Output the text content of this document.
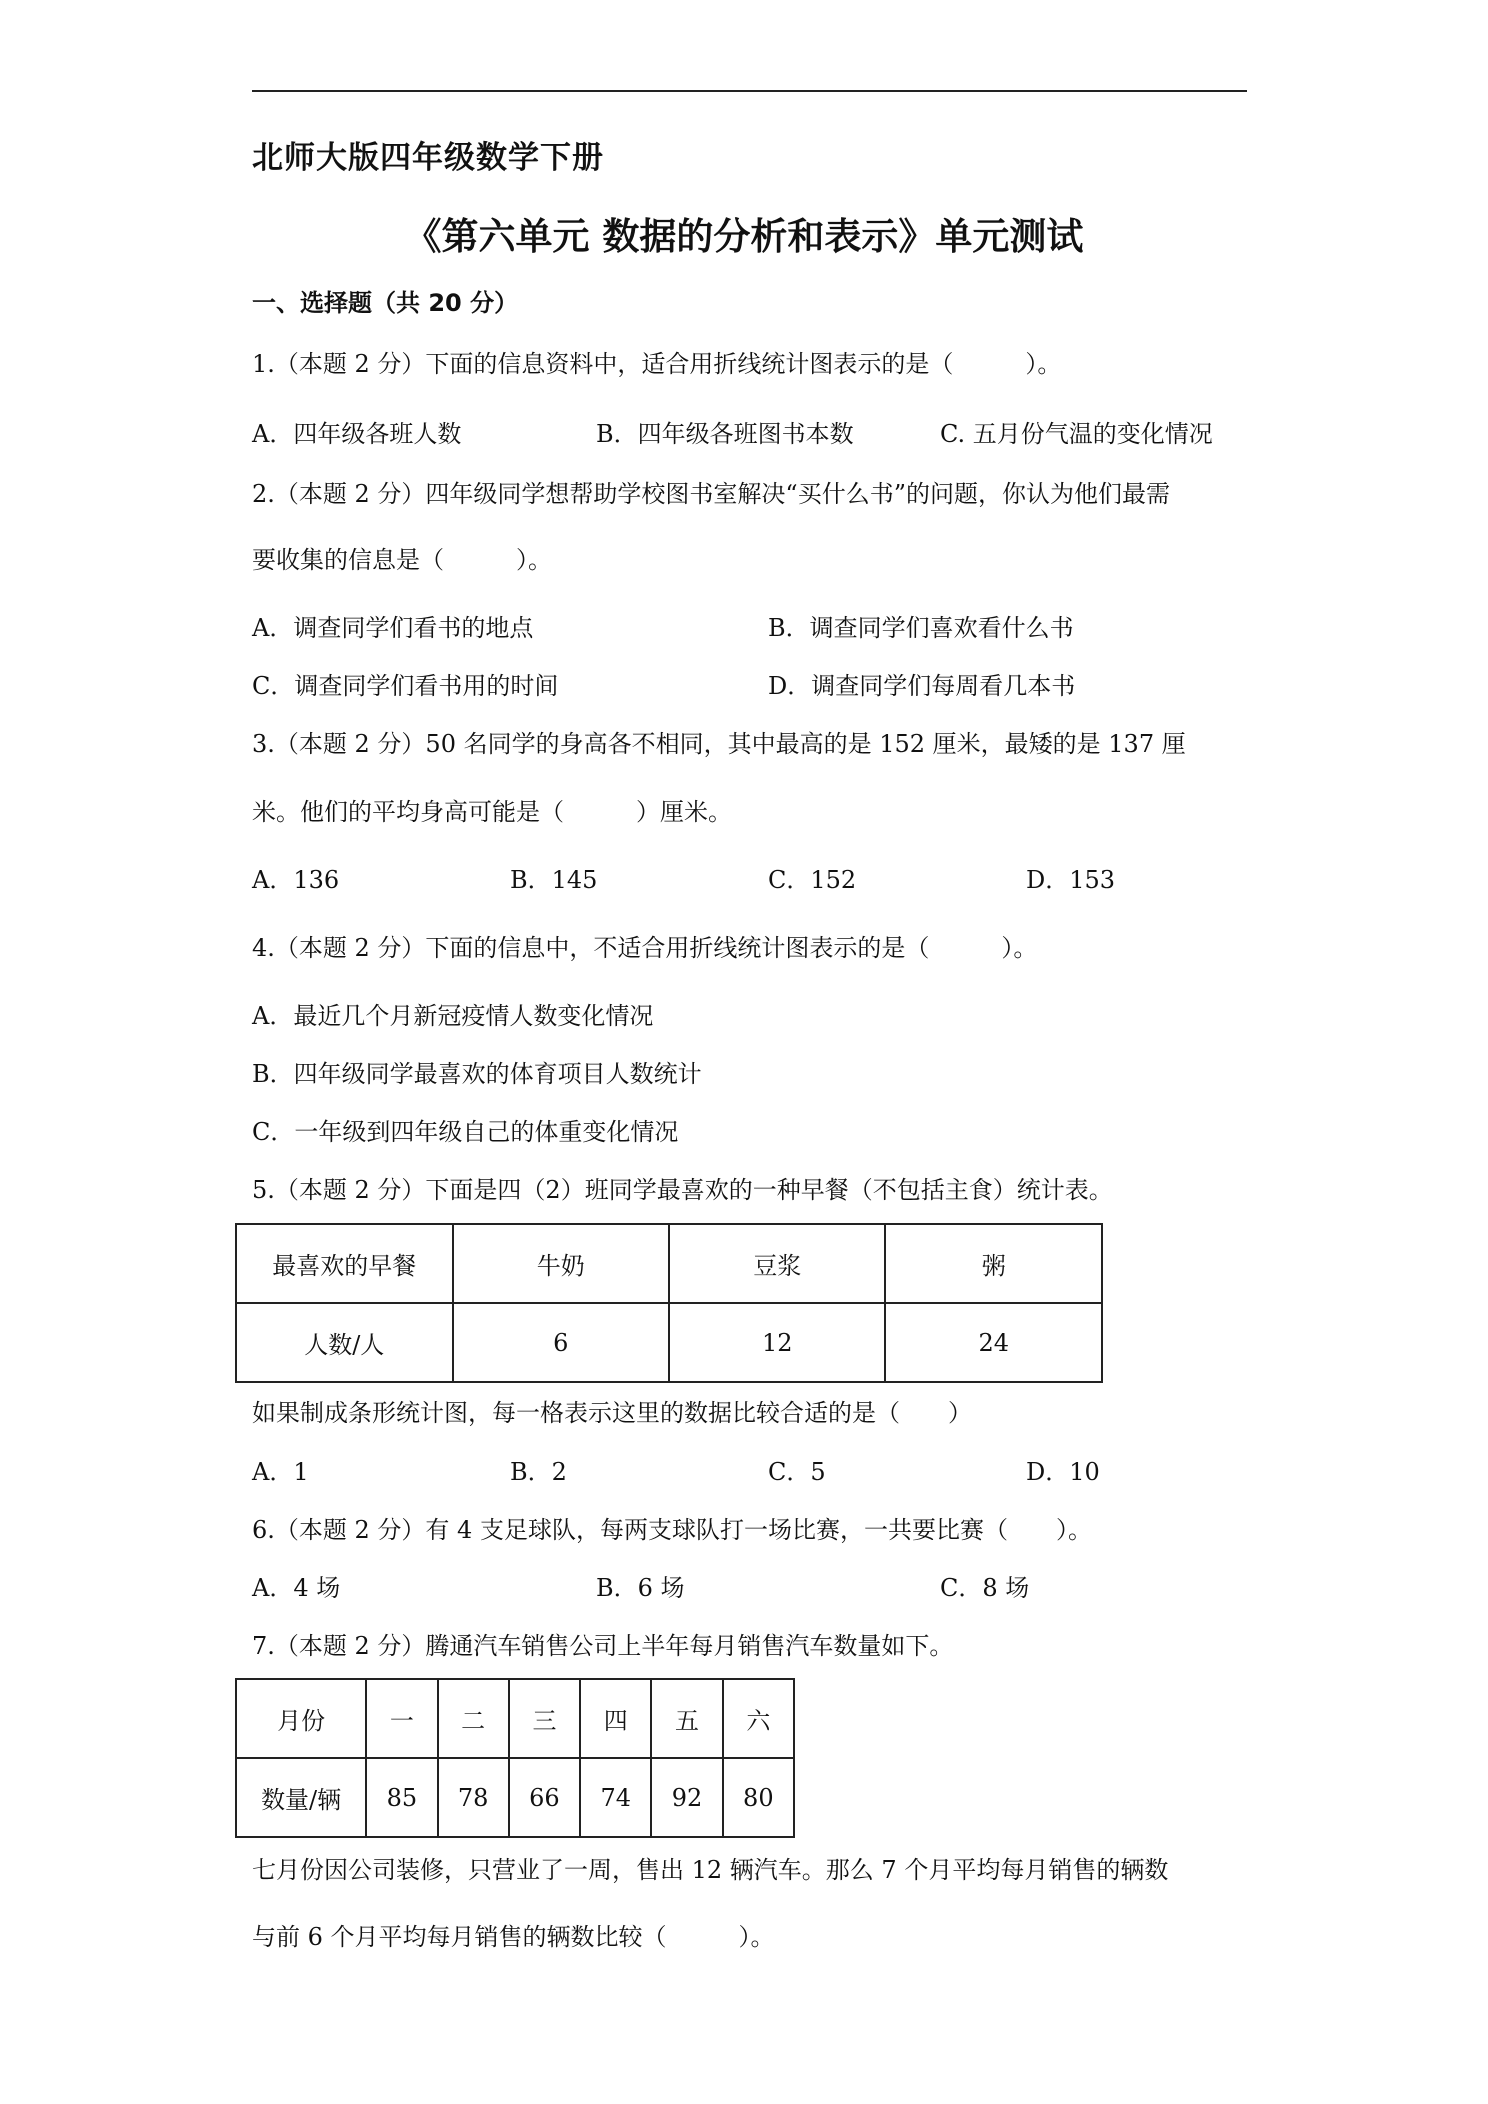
北师大版四年级数学下册
《第六单元 数据的分析和表示》单元测试
一、选择题（共 20 分）
1.（本题 2 分）下面的信息资料中，适合用折线统计图表示的是（　　　）。
A．四年级各班人数	B．四年级各班图书本数	C. 五月份气温的变化情况
2.（本题 2 分）四年级同学想帮助学校图书室解决“买什么书”的问题，你认为他们最需
要收集的信息是（　　　）。
A．调查同学们看书的地点	B．调查同学们喜欢看什么书
C．调查同学们看书用的时间	D．调查同学们每周看几本书
3.（本题 2 分）50 名同学的身高各不相同，其中最高的是 152 厘米，最矮的是 137 厘
米。他们的平均身高可能是（　　　）厘米。
A．136	B．145	C．152	D．153
4.（本题 2 分）下面的信息中，不适合用折线统计图表示的是（　　　）。
A．最近几个月新冠疫情人数变化情况
B．四年级同学最喜欢的体育项目人数统计
C．一年级到四年级自己的体重变化情况
5.（本题 2 分）下面是四（2）班同学最喜欢的一种早餐（不包括主食）统计表。
最喜欢的早餐	牛奶	豆浆	粥
人数/人	6	12	24
如果制成条形统计图，每一格表示这里的数据比较合适的是（　　）
A．1	B．2	C．5	D．10
6.（本题 2 分）有 4 支足球队，每两支球队打一场比赛，一共要比赛（　　）。
A．4 场	B．6 场	C．8 场
7.（本题 2 分）腾通汽车销售公司上半年每月销售汽车数量如下。
月份	一	二	三	四	五	六
数量/辆	85	78	66	74	92	80
七月份因公司装修，只营业了一周，售出 12 辆汽车。那么 7 个月平均每月销售的辆数
与前 6 个月平均每月销售的辆数比较（　　　）。
